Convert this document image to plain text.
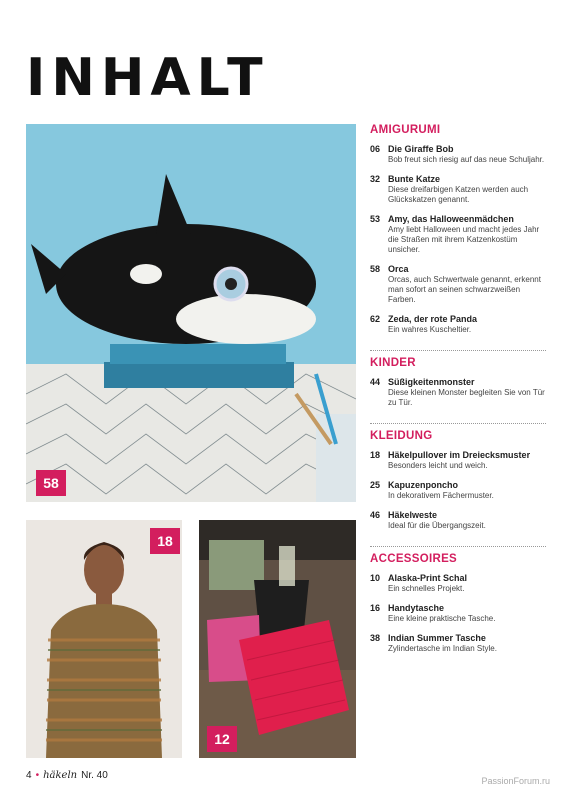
INHALT
58
18
12
AMIGURUMI
06 Die Giraffe Bob
Bob freut sich riesig auf das neue Schuljahr.
32 Bunte Katze
Diese dreifarbigen Katzen werden auch Glückskatzen genannt.
53 Amy, das Halloweenmädchen
Amy liebt Halloween und macht jedes Jahr die Straßen mit ihrem Katzenkostüm unsicher.
58 Orca
Orcas, auch Schwertwale genannt, erkennt man sofort an seinen schwarzweißen Farben.
62 Zeda, der rote Panda
Ein wahres Kuscheltier.
KINDER
44 Süßigkeitenmonster
Diese kleinen Monster begleiten Sie von Tür zu Tür.
KLEIDUNG
18 Häkelpullover im Dreiecksmuster
Besonders leicht und weich.
25 Kapuzenponcho
In dekorativem Fächermuster.
46 Häkelweste
Ideal für die Übergangszeit.
ACCESSOIRES
10 Alaska-Print Schal
Ein schnelles Projekt.
16 Handytasche
Eine kleine praktische Tasche.
38 Indian Summer Tasche
Zylindertasche im Indian Style.
4 • häkeln Nr. 40	PassionForum.ru
